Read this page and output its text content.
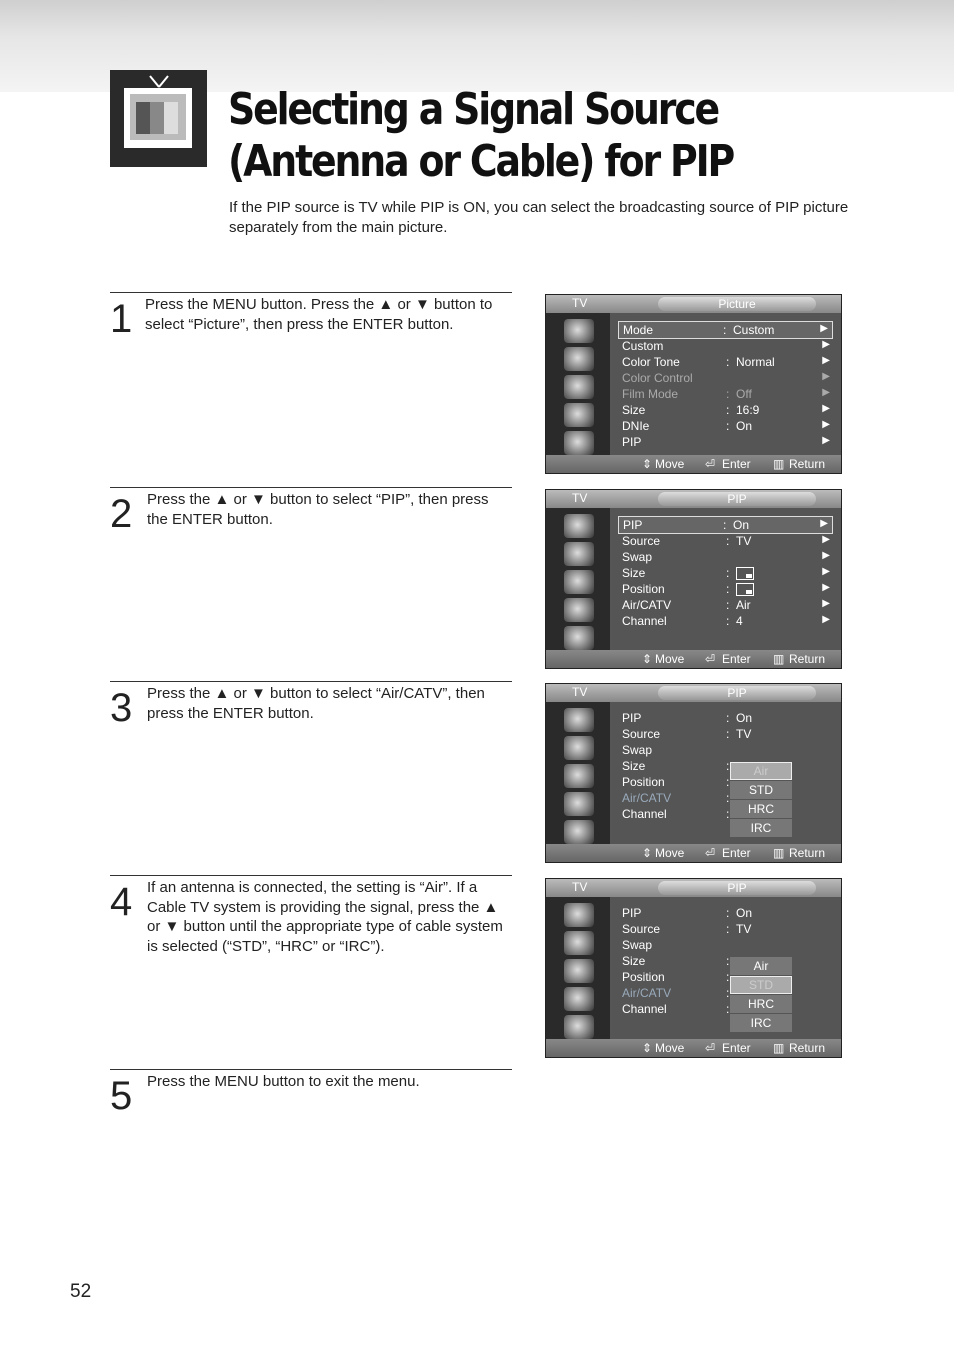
Selecting a Signal Source (Antenna or Cable) for PIP
If the PIP source is TV while PIP is ON, you can select the broadcasting source of PIP picture separately from the main picture.
1 Press the MENU button. Press the ▲ or ▼ button to select “Picture”, then press the ENTER button.
2 Press the ▲ or ▼ button to select “PIP”, then press the ENTER button.
3 Press the ▲ or ▼ button to select “Air/CATV”, then press the ENTER button.
4 If an antenna is connected, the setting is “Air”. If a Cable TV system is providing the signal, press the ▲ or ▼ button until the appropriate type of cable system is selected (“STD”, “HRC” or “IRC”).
5 Press the MENU button to exit the menu.
TV	Picture
Mode	: Custom	▶
Custom	▶
Color Tone	: Normal	▶
Color Control	▶
Film Mode	: Off	▶
Size	: 16:9	▶
DNIe	: On	▶
PIP	▶
⇕ Move ⏎ Enter ▥ Return
TV	PIP
PIP	: On	▶
Source	: TV	▶
Swap	▶
Size	:	▶
Position	:	▶
Air/CATV	: Air	▶
Channel	: 4	▶
⇕ Move ⏎ Enter ▥ Return
TV	PIP
PIP	: On
Source	: TV
Swap
Size	:
Position	:
Air/CATV	:
Channel	:
Air
STD
HRC
IRC
⇕ Move ⏎ Enter ▥ Return
TV	PIP
PIP	: On
Source	: TV
Swap
Size	:
Position	:
Air/CATV	:
Channel	:
Air
STD
HRC
IRC
⇕ Move ⏎ Enter ▥ Return
52
